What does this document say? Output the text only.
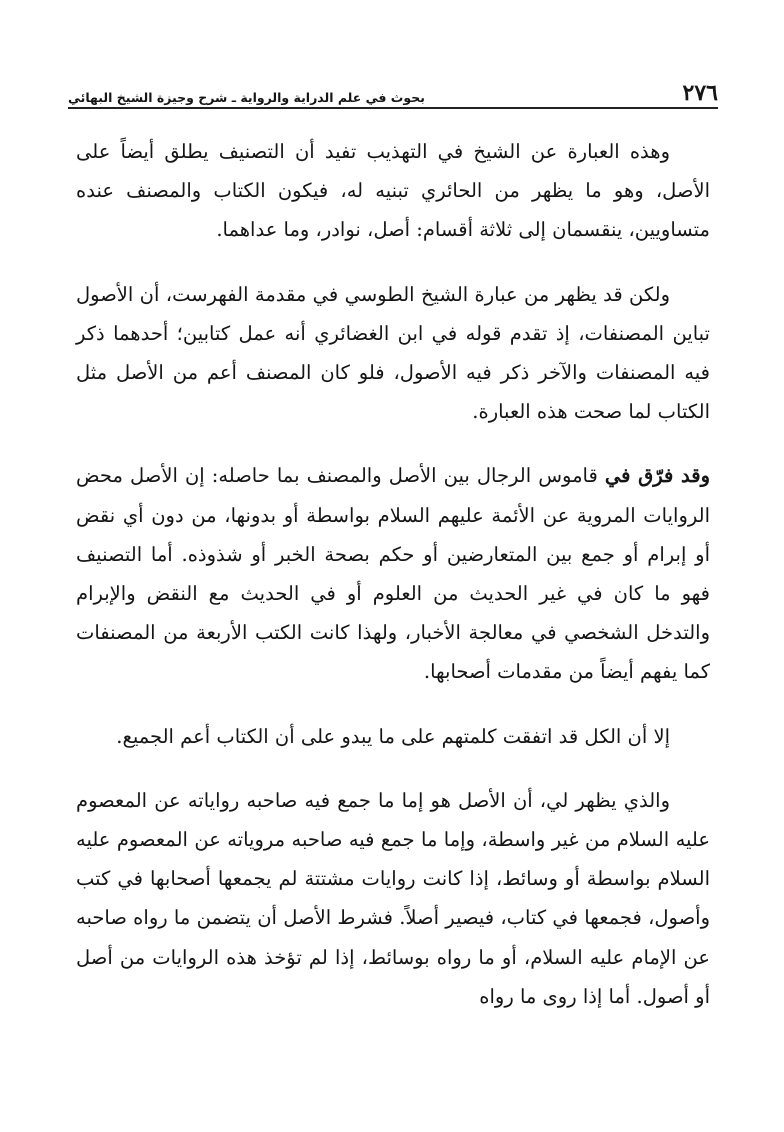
٢٧٦
بحوث في علم الدراية والرواية ـ شرح وجيزة الشيخ البهائي

وهذه العبارة عن الشيخ في التهذيب تفيد أن التصنيف يطلق أيضاً على الأصل، وهو ما يظهر من الحائري تبنيه له، فيكون الكتاب والمصنف عنده متساويين، ينقسمان إلى ثلاثة أقسام: أصل، نوادر، وما عداهما.

ولكن قد يظهر من عبارة الشيخ الطوسي في مقدمة الفهرست، أن الأصول تباين المصنفات، إذ تقدم قوله في ابن الغضائري أنه عمل كتابين؛ أحدهما ذكر فيه المصنفات والآخر ذكر فيه الأصول، فلو كان المصنف أعم من الأصل مثل الكتاب لما صحت هذه العبارة.

وقد فرّق في قاموس الرجال بين الأصل والمصنف بما حاصله: إن الأصل محض الروايات المروية عن الأئمة عليهم السلام بواسطة أو بدونها، من دون أي نقض أو إبرام أو جمع بين المتعارضين أو حكم بصحة الخبر أو شذوذه. أما التصنيف فهو ما كان في غير الحديث من العلوم أو في الحديث مع النقض والإبرام والتدخل الشخصي في معالجة الأخبار، ولهذا كانت الكتب الأربعة من المصنفات كما يفهم أيضاً من مقدمات أصحابها.

إلا أن الكل قد اتفقت كلمتهم على ما يبدو على أن الكتاب أعم الجميع.

والذي يظهر لي، أن الأصل هو إما ما جمع فيه صاحبه رواياته عن المعصوم عليه السلام من غير واسطة، وإما ما جمع فيه صاحبه مروياته عن المعصوم عليه السلام بواسطة أو وسائط، إذا كانت روايات مشتتة لم يجمعها أصحابها في كتب وأصول، فجمعها في كتاب، فيصير أصلاً. فشرط الأصل أن يتضمن ما رواه صاحبه عن الإمام عليه السلام، أو ما رواه بوسائط، إذا لم تؤخذ هذه الروايات من أصل أو أصول. أما إذا روى ما رواه
